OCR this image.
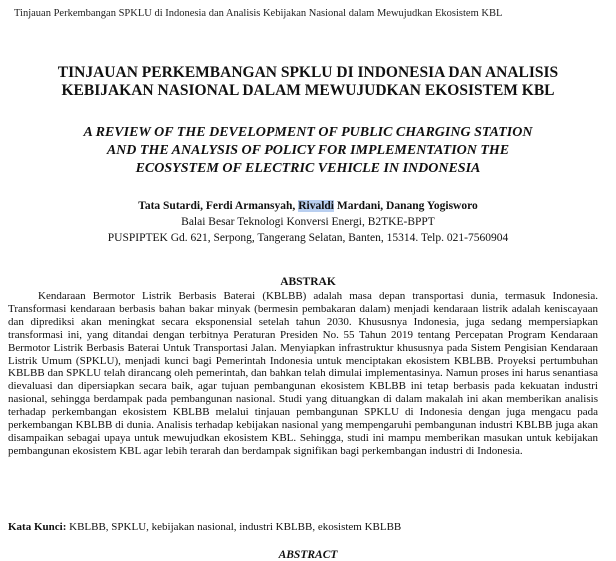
Tinjauan Perkembangan SPKLU di Indonesia dan Analisis Kebijakan Nasional dalam Mewujudkan Ekosistem KBL
TINJAUAN PERKEMBANGAN SPKLU DI INDONESIA DAN ANALISIS
KEBIJAKAN NASIONAL DALAM MEWUJUDKAN EKOSISTEM KBL
A REVIEW OF THE DEVELOPMENT OF PUBLIC CHARGING STATION
AND THE ANALYSIS OF POLICY FOR IMPLEMENTATION THE
ECOSYSTEM OF ELECTRIC VEHICLE IN INDONESIA
Tata Sutardi, Ferdi Armansyah, Rivaldi Mardani, Danang Yogisworo
Balai Besar Teknologi Konversi Energi, B2TKE-BPPT
PUSPIPTEK Gd. 621, Serpong, Tangerang Selatan, Banten, 15314. Telp. 021-7560904
ABSTRAK
Kendaraan Bermotor Listrik Berbasis Baterai (KBLBB) adalah masa depan transportasi dunia, termasuk Indonesia. Transformasi kendaraan berbasis bahan bakar minyak (bermesin pembakaran dalam) menjadi kendaraan listrik adalah keniscayaan dan diprediksi akan meningkat secara eksponensial setelah tahun 2030. Khususnya Indonesia, juga sedang mempersiapkan transformasi ini, yang ditandai dengan terbitnya Peraturan Presiden No. 55 Tahun 2019 tentang Percepatan Program Kendaraan Bermotor Listrik Berbasis Baterai Untuk Transportasi Jalan. Menyiapkan infrastruktur khususnya pada Sistem Pengisian Kendaraan Listrik Umum (SPKLU), menjadi kunci bagi Pemerintah Indonesia untuk menciptakan ekosistem KBLBB. Proyeksi pertumbuhan KBLBB dan SPKLU telah dirancang oleh pemerintah, dan bahkan telah dimulai implementasinya. Namun proses ini harus senantiasa dievaluasi dan dipersiapkan secara baik, agar tujuan pembangunan ekosistem KBLBB ini tetap berbasis pada kekuatan industri nasional, sehingga berdampak pada pembangunan nasional. Studi yang dituangkan di dalam makalah ini akan memberikan analisis terhadap perkembangan ekosistem KBLBB melalui tinjauan pembangunan SPKLU di Indonesia dengan juga mengacu pada perkembangan KBLBB di dunia. Analisis terhadap kebijakan nasional yang mempengaruhi pembangunan industri KBLBB juga akan disampaikan sebagai upaya untuk mewujudkan ekosistem KBL. Sehingga, studi ini mampu memberikan masukan untuk kebijakan pembangunan ekosistem KBL agar lebih terarah dan berdampak signifikan bagi perkembangan industri di Indonesia.
Kata Kunci: KBLBB, SPKLU, kebijakan nasional, industri KBLBB, ekosistem KBLBB
ABSTRACT
